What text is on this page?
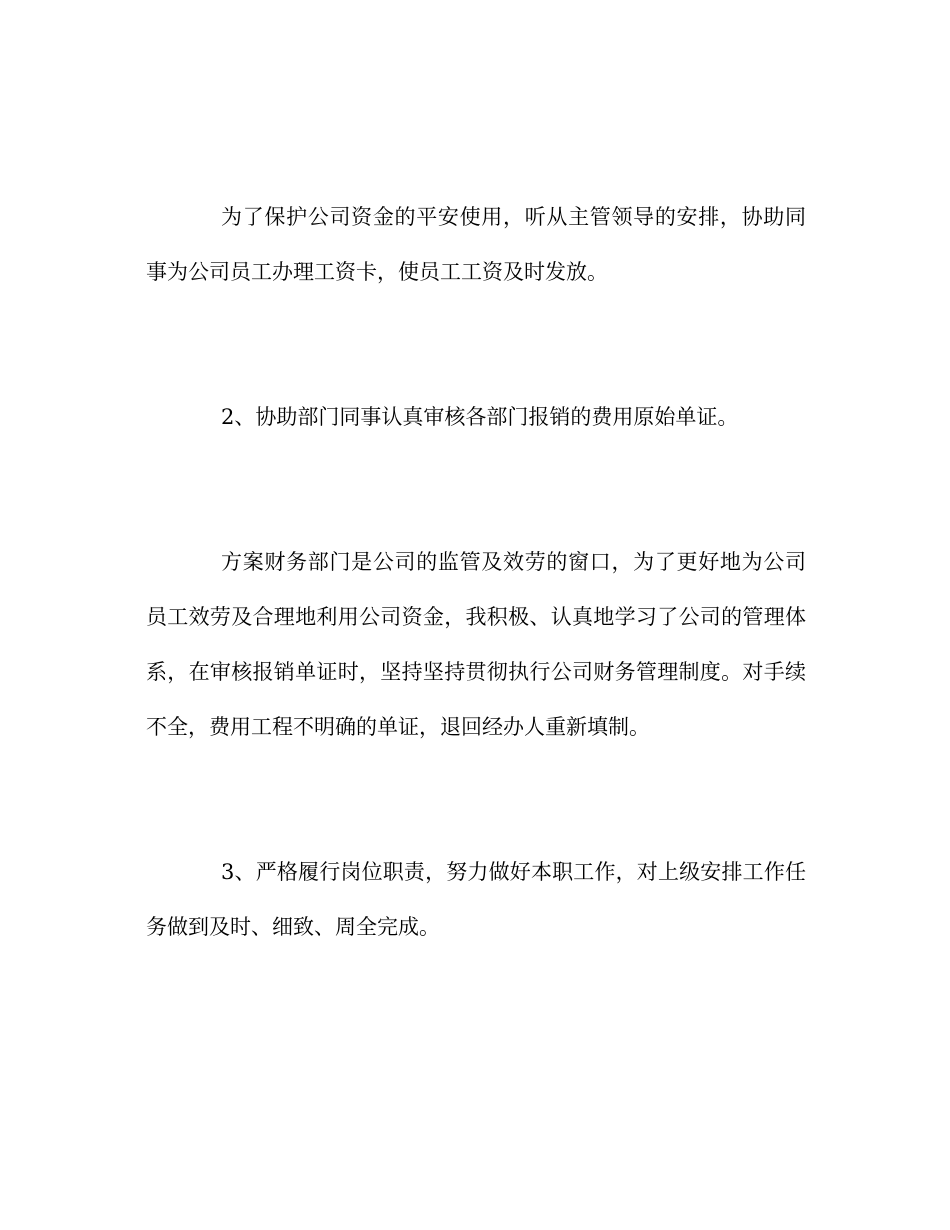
为了保护公司资金的平安使用，听从主管领导的安排，协助同事为公司员工办理工资卡，使员工工资及时发放。

2、协助部门同事认真审核各部门报销的费用原始单证。

方案财务部门是公司的监管及效劳的窗口，为了更好地为公司员工效劳及合理地利用公司资金，我积极、认真地学习了公司的管理体系，在审核报销单证时，坚持坚持贯彻执行公司财务管理制度。对手续不全，费用工程不明确的单证，退回经办人重新填制。

3、严格履行岗位职责，努力做好本职工作，对上级安排工作任务做到及时、细致、周全完成。
